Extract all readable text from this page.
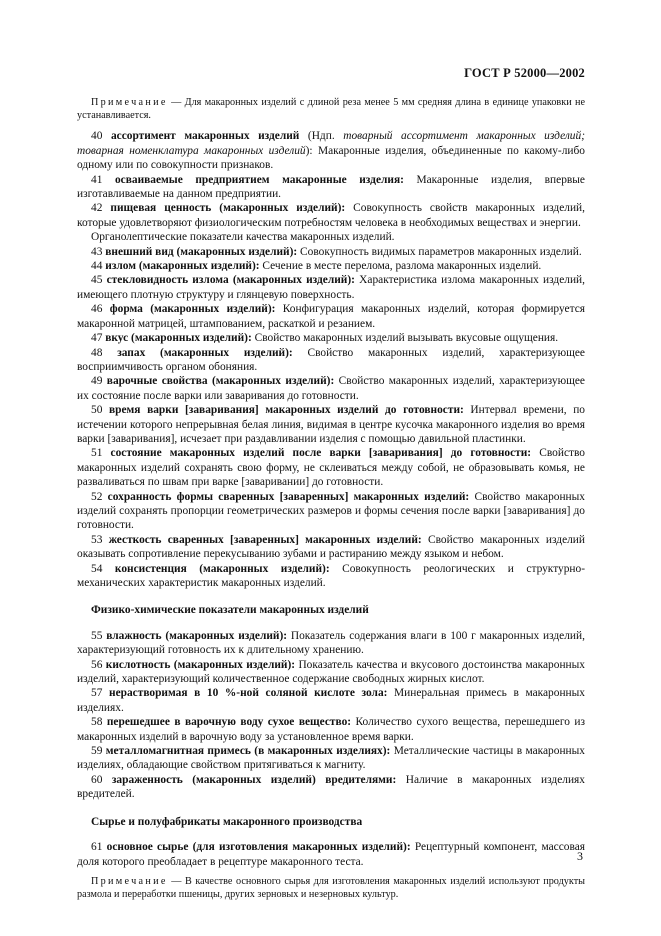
ГОСТ Р 52000—2002

Примечание — Для макаронных изделий с длиной реза менее 5 мм средняя длина в единице упаковки не устанавливается.

40 ассортимент макаронных изделий (Ндп. товарный ассортимент макаронных изделий; товарная номенклатура макаронных изделий): Макаронные изделия, объединенные по какому-либо одному или по совокупности признаков.

41 осваиваемые предприятием макаронные изделия: Макаронные изделия, впервые изготавливаемые на данном предприятии.

42 пищевая ценность (макаронных изделий): Совокупность свойств макаронных изделий, которые удовлетворяют физиологическим потребностям человека в необходимых веществах и энергии.

Органолептические показатели качества макаронных изделий.

43 внешний вид (макаронных изделий): Совокупность видимых параметров макаронных изделий.

44 излом (макаронных изделий): Сечение в месте перелома, разлома макаронных изделий.

45 стекловидность излома (макаронных изделий): Характеристика излома макаронных изделий, имеющего плотную структуру и глянцевую поверхность.

46 форма (макаронных изделий): Конфигурация макаронных изделий, которая формируется макаронной матрицей, штампованием, раскаткой и резанием.

47 вкус (макаронных изделий): Свойство макаронных изделий вызывать вкусовые ощущения.

48 запах (макаронных изделий): Свойство макаронных изделий, характеризующее восприимчивость органом обоняния.

49 варочные свойства (макаронных изделий): Свойство макаронных изделий, характеризующее их состояние после варки или заваривания до готовности.

50 время варки [заваривания] макаронных изделий до готовности: Интервал времени, по истечении которого непрерывная белая линия, видимая в центре кусочка макаронного изделия во время варки [заваривания], исчезает при раздавливании изделия с помощью давильной пластинки.

51 состояние макаронных изделий после варки [заваривания] до готовности: Свойство макаронных изделий сохранять свою форму, не склеиваться между собой, не образовывать комья, не разваливаться по швам при варке [заваривании] до готовности.

52 сохранность формы сваренных [заваренных] макаронных изделий: Свойство макаронных изделий сохранять пропорции геометрических размеров и формы сечения после варки [заваривания] до готовности.

53 жесткость сваренных [заваренных] макаронных изделий: Свойство макаронных изделий оказывать сопротивление перекусыванию зубами и растиранию между языком и небом.

54 консистенция (макаронных изделий): Совокупность реологических и структурно-механических характеристик макаронных изделий.

Физико-химические показатели макаронных изделий

55 влажность (макаронных изделий): Показатель содержания влаги в 100 г макаронных изделий, характеризующий готовность их к длительному хранению.

56 кислотность (макаронных изделий): Показатель качества и вкусового достоинства макаронных изделий, характеризующий количественное содержание свободных жирных кислот.

57 нерастворимая в 10 %-ной соляной кислоте зола: Минеральная примесь в макаронных изделиях.

58 перешедшее в варочную воду сухое вещество: Количество сухого вещества, перешедшего из макаронных изделий в варочную воду за установленное время варки.

59 металломагнитная примесь (в макаронных изделиях): Металлические частицы в макаронных изделиях, обладающие свойством притягиваться к магниту.

60 зараженность (макаронных изделий) вредителями: Наличие в макаронных изделиях вредителей.

Сырье и полуфабрикаты макаронного производства

61 основное сырье (для изготовления макаронных изделий): Рецептурный компонент, массовая доля которого преобладает в рецептуре макаронного теста.

Примечание — В качестве основного сырья для изготовления макаронных изделий используют продукты размола и переработки пшеницы, других зерновых и незерновых культур.

3
